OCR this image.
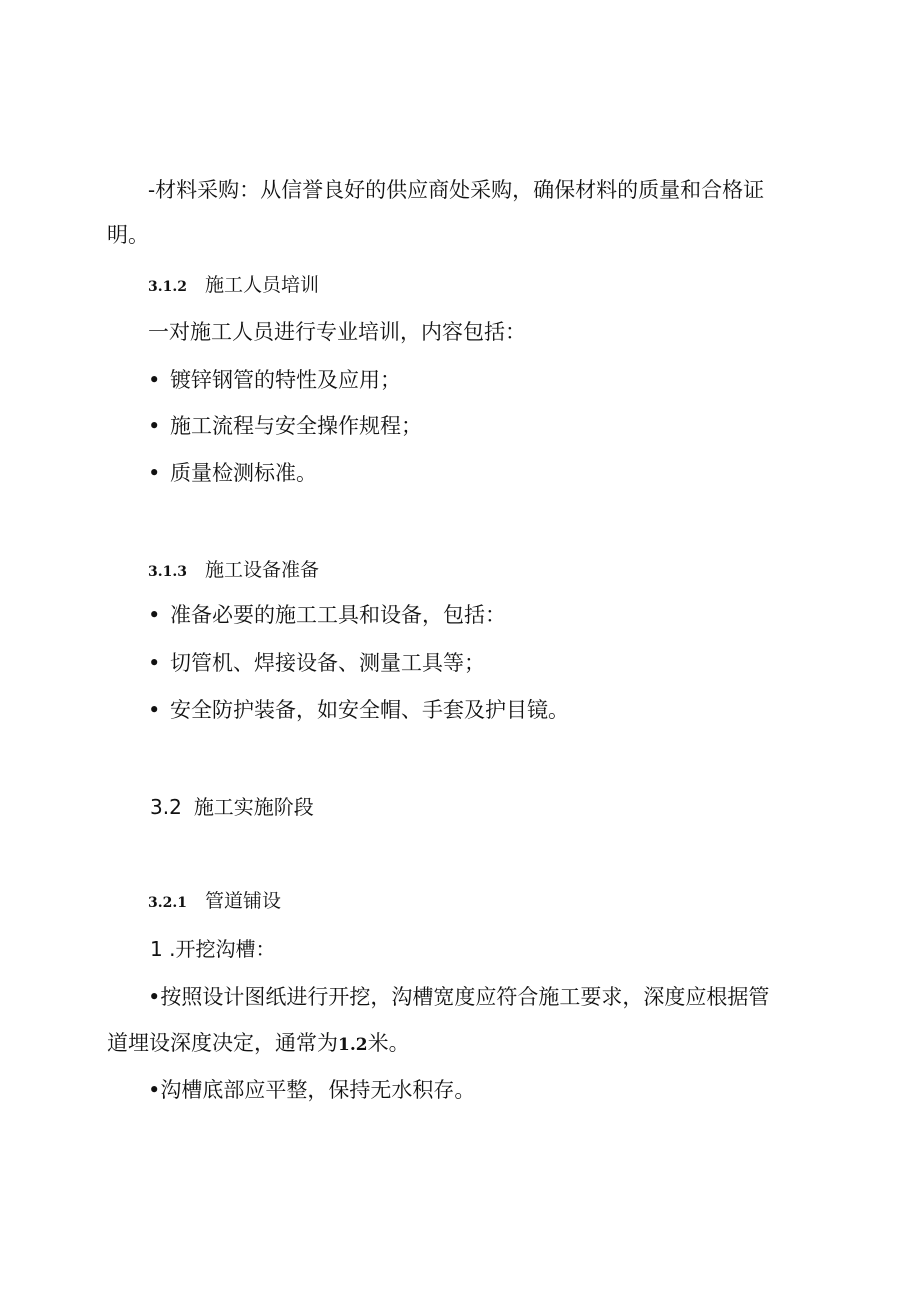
-材料采购：从信誉良好的供应商处采购，确保材料的质量和合格证
明。
3.1.2 施工人员培训
一对施工人员进行专业培训，内容包括：
• 镀锌钢管的特性及应用；
• 施工流程与安全操作规程；
• 质量检测标准。
3.1.3 施工设备准备
• 准备必要的施工工具和设备，包括：
• 切管机、焊接设备、测量工具等；
• 安全防护装备，如安全帽、手套及护目镜。
3.2 施工实施阶段
3.2.1 管道铺设
1 .开挖沟槽：
•按照设计图纸进行开挖，沟槽宽度应符合施工要求，深度应根据管
道埋设深度决定，通常为1.2米。
•沟槽底部应平整，保持无水积存。
